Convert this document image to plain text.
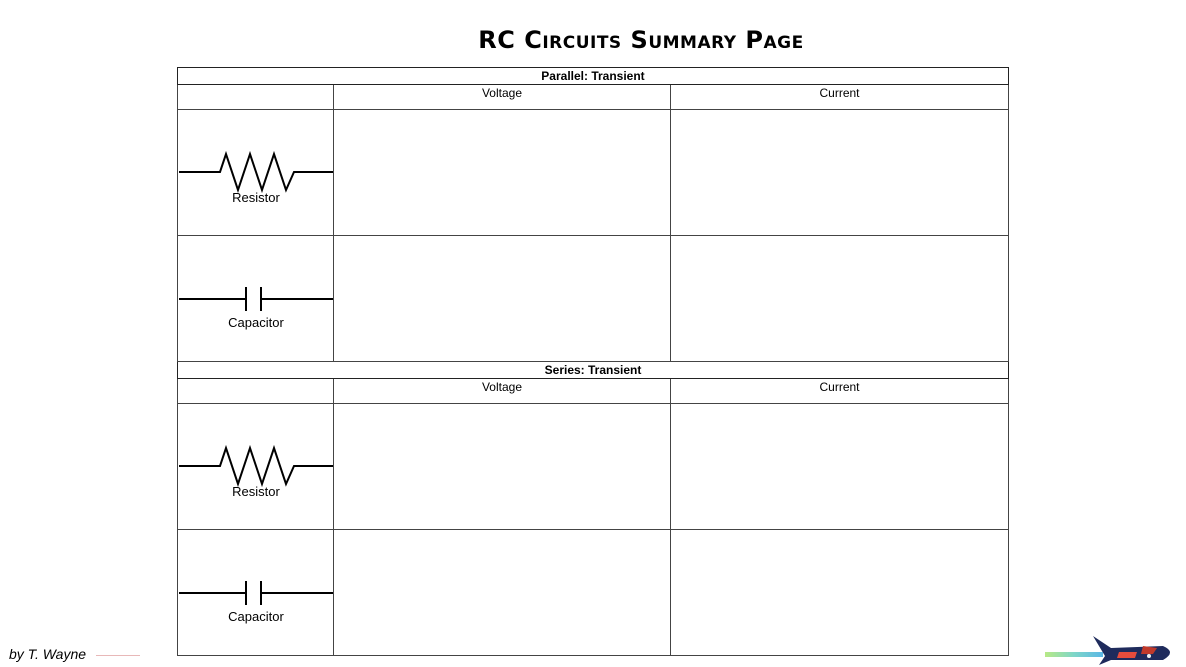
RC Circuits Summary Page
Parallel: Transient		
	Voltage	Current

Resistor		

Capacitor		

Series: Transient		
	Voltage	Current

Resistor		

Capacitor		

by T. Wayne
